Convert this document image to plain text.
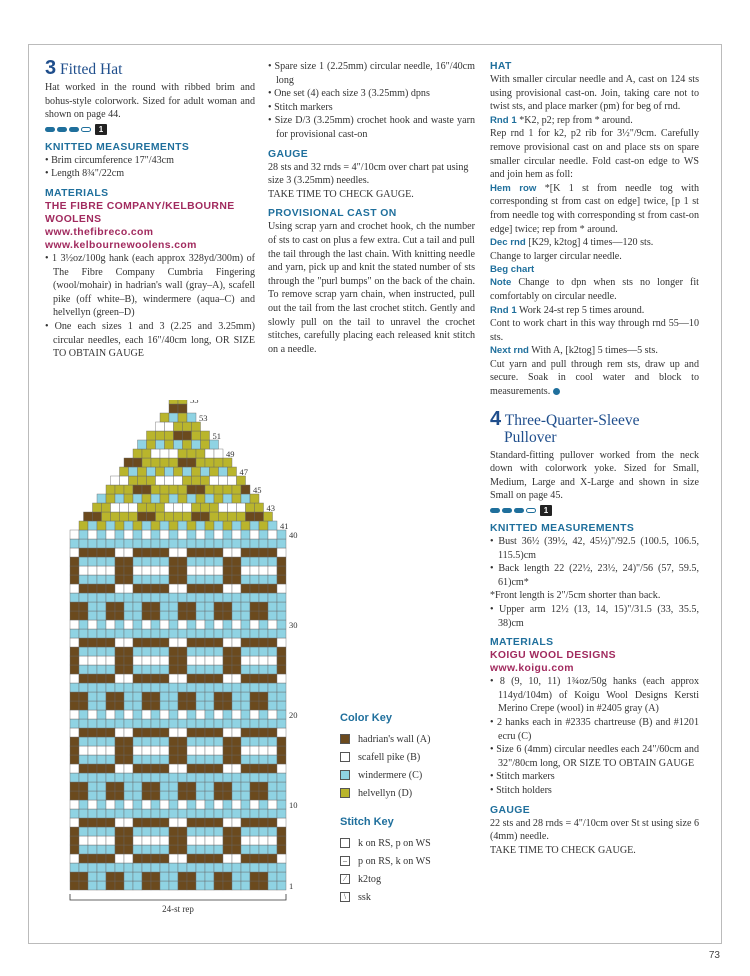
3 Fitted Hat
Hat worked in the round with ribbed brim and bohus-style colorwork. Sized for adult woman and shown on page 44.
1
KNITTED MEASUREMENTS
• Brim circumference 17"/43cm
• Length 8¾"/22cm
MATERIALS
THE FIBRE COMPANY/KELBOURNE WOOLENS
www.thefibreco.com
www.kelbournewoolens.com
• 1 3½oz/100g hank (each approx 328yd/300m) of The Fibre Company Cumbria Fingering (wool/mohair) in hadrian's wall (gray–A), scafell pike (off white–B), windermere (aqua–C) and helvellyn (green–D)
• One each sizes 1 and 3 (2.25 and 3.25mm) circular needles, each 16"/40cm long, OR SIZE TO OBTAIN GAUGE
• Spare size 1 (2.25mm) circular needle, 16"/40cm long
• One set (4) each size 3 (3.25mm) dpns
• Stitch markers
• Size D/3 (3.25mm) crochet hook and waste yarn for provisional cast-on
GAUGE
28 sts and 32 rnds = 4"/10cm over chart pat using size 3 (3.25mm) needles.
TAKE TIME TO CHECK GAUGE.
PROVISIONAL CAST ON
Using scrap yarn and crochet hook, ch the number of sts to cast on plus a few extra. Cut a tail and pull the tail through the last chain. With knitting needle and yarn, pick up and knit the stated number of sts through the "purl bumps" on the back of the chain. To remove scrap yarn chain, when instructed, pull out the tail from the last crochet stitch. Gently and slowly pull on the tail to unravel the crochet stitches, carefully placing each released knit stitch on a needle.
HAT
With smaller circular needle and A, cast on 124 sts using provisional cast-on. Join, taking care not to twist sts, and place marker (pm) for beg of rnd.
Rnd 1 *K2, p2; rep from * around.
Rep rnd 1 for k2, p2 rib for 3½"/9cm. Carefully remove provisional cast on and place sts on spare smaller circular needle. Fold cast-on edge to WS and join hem as foll:
Hem row *[K 1 st from needle tog with corresponding st from cast on edge] twice, [p 1 st from needle tog with corresponding st from cast-on edge] twice; rep from * around.
Dec rnd [K29, k2tog] 4 times—120 sts.
Change to larger circular needle.
Beg chart
Note Change to dpn when sts no longer fit comfortably on circular needle.
Rnd 1 Work 24-st rep 5 times around.
Cont to work chart in this way through rnd 55—10 sts.
Next rnd With A, [k2tog] 5 times—5 sts.
Cut yarn and pull through rem sts, draw up and secure. Soak in cool water and block to measurements.
4 Three-Quarter-Sleeve
Pullover
Standard-fitting pullover worked from the neck down with colorwork yoke. Sized for Small, Medium, Large and X-Large and shown in size Small on page 45.
1
KNITTED MEASUREMENTS
• Bust 36½ (39½, 42, 45½)"/92.5 (100.5, 106.5, 115.5)cm
• Back length 22 (22½, 23½, 24)"/56 (57, 59.5, 61)cm*
*Front length is 2"/5cm shorter than back.
• Upper arm 12½ (13, 14, 15)"/31.5 (33, 35.5, 38)cm
MATERIALS
KOIGU WOOL DESIGNS
www.koigu.com
• 8 (9, 10, 11) 1¾oz/50g hanks (each approx 114yd/104m) of Koigu Wool Designs Kersti Merino Crepe (wool) in #2405 gray (A)
• 2 hanks each in #2335 chartreuse (B) and #1201 ecru (C)
• Size 6 (4mm) circular needles each 24"/60cm and 32"/80cm long, OR SIZE TO OBTAIN GAUGE
• Stitch markers
• Stitch holders
GAUGE
22 sts and 28 rnds = 4"/10cm over St st using size 6 (4mm) needle.
TAKE TIME TO CHECK GAUGE.
1
10
20
30
40
41
43
45
47
49
51
53
55
24-st rep
Color Key
hadrian's wall (A)
scafell pike (B)
windermere (C)
helvellyn (D)
Stitch Key
k on RS, p on WS
– p on RS, k on WS
⁄	k2tog
\	ssk
73
